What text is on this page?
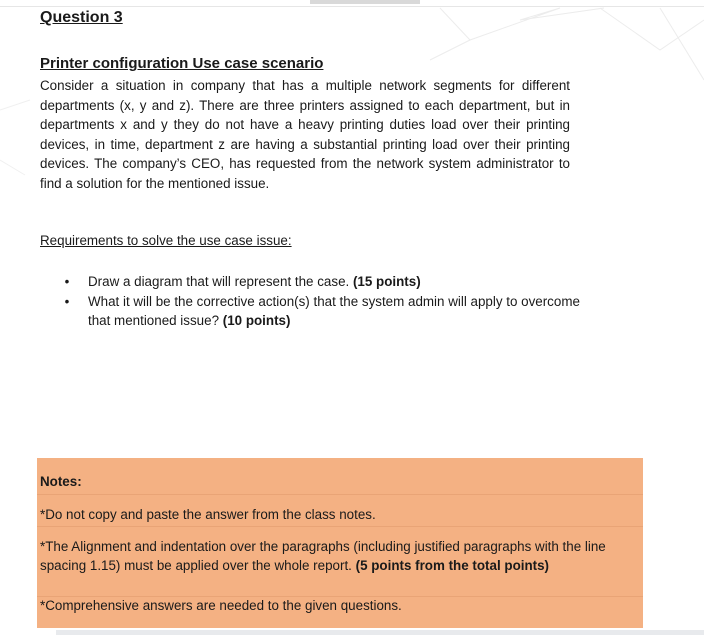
Question 3
Printer configuration Use case scenario

Consider a situation in company that has a multiple network segments for different departments (x, y and z). There are three printers assigned to each department, but in departments x and y they do not have a heavy printing duties load over their printing devices, in time, department z are having a substantial printing load over their printing devices. The company’s CEO, has requested from the network system administrator to find a solution for the mentioned issue.

Requirements to solve the use case issue:

• Draw a diagram that will represent the case. (15 points)
• What it will be the corrective action(s) that the system admin will apply to overcome that mentioned issue? (10 points)

Notes:

*Do not copy and paste the answer from the class notes.

*The Alignment and indentation over the paragraphs (including justified paragraphs with the line spacing 1.15) must be applied over the whole report. (5 points from the total points)

*Comprehensive answers are needed to the given questions.
